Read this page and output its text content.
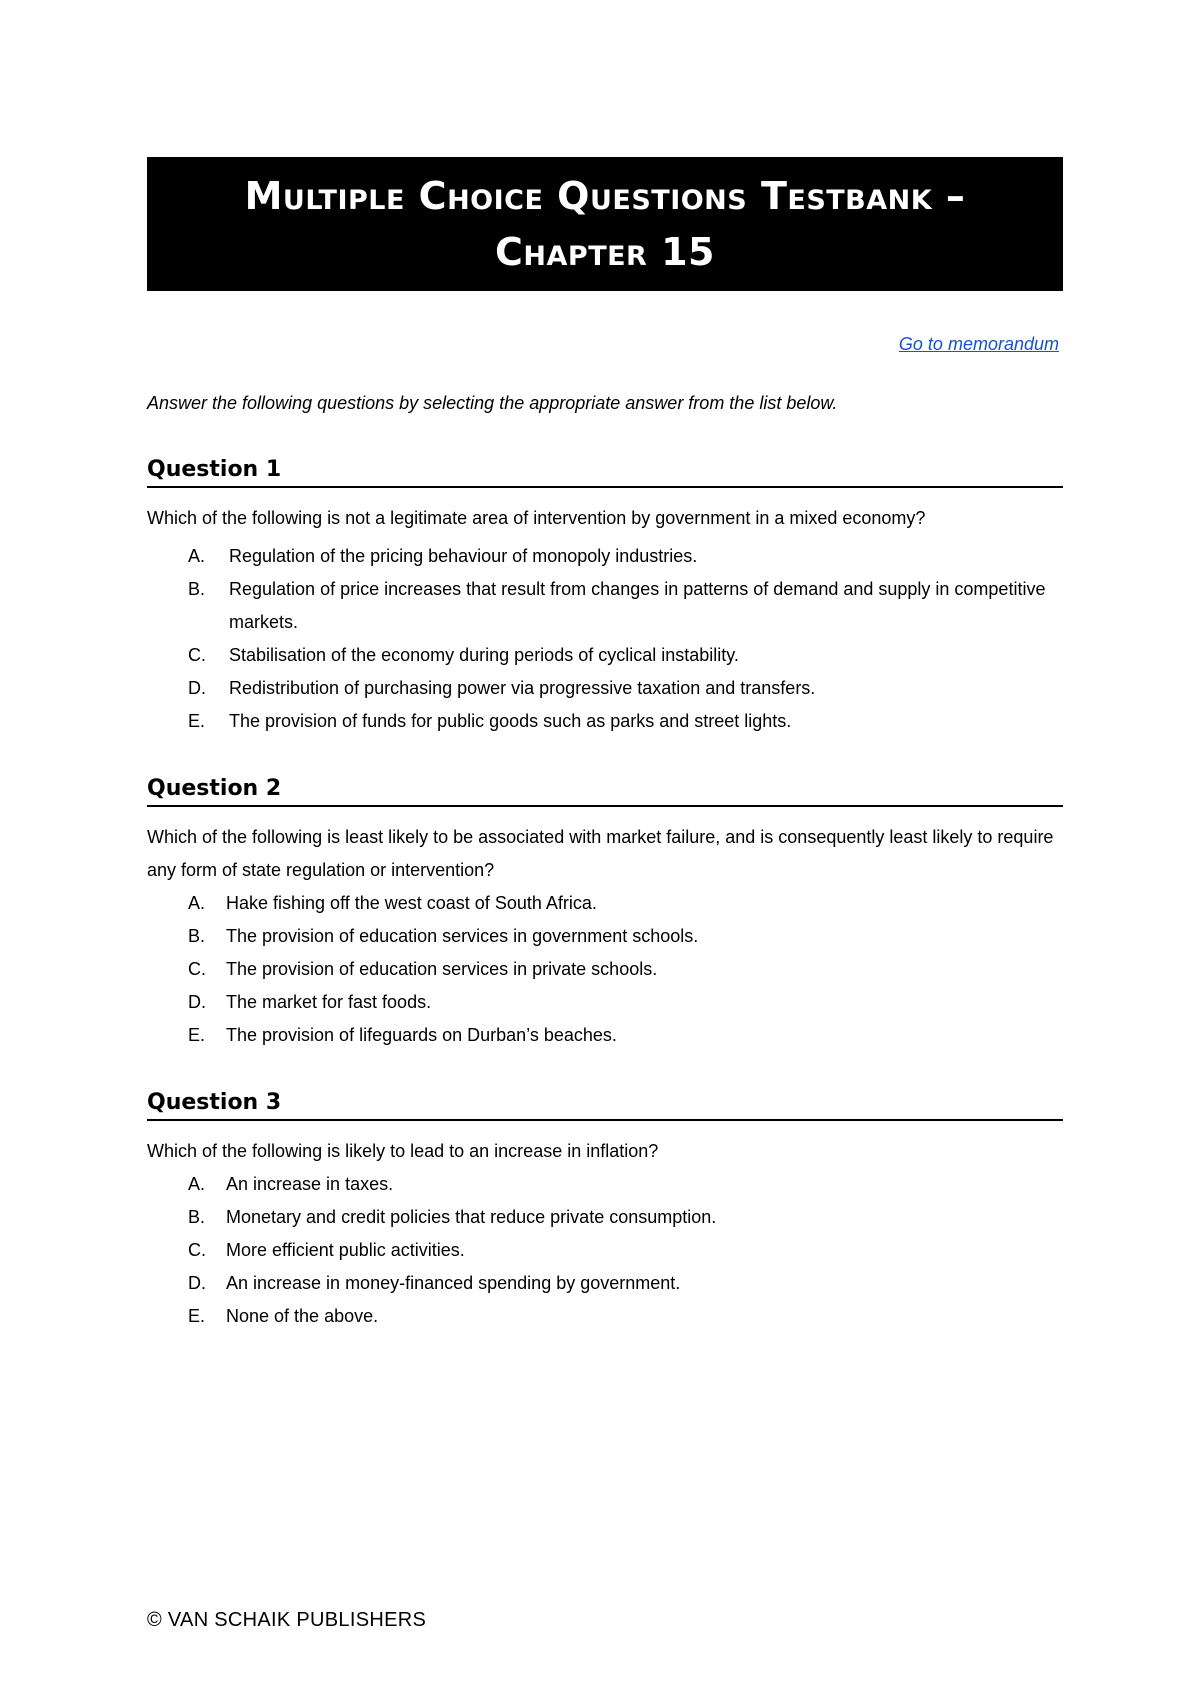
Multiple Choice Questions Testbank –
Chapter 15
Go to memorandum
Answer the following questions by selecting the appropriate answer from the list below.
Question 1
Which of the following is not a legitimate area of intervention by government in a mixed economy?
A.	Regulation of the pricing behaviour of monopoly industries.
B.	Regulation of price increases that result from changes in patterns of demand and supply in competitive markets.
C.	Stabilisation of the economy during periods of cyclical instability.
D.	Redistribution of purchasing power via progressive taxation and transfers.
E.	The provision of funds for public goods such as parks and street lights.
Question 2
Which of the following is least likely to be associated with market failure, and is consequently least likely to require any form of state regulation or intervention?
A.	Hake fishing off the west coast of South Africa.
B.	The provision of education services in government schools.
C.	The provision of education services in private schools.
D.	The market for fast foods.
E.	The provision of lifeguards on Durban’s beaches.
Question 3
Which of the following is likely to lead to an increase in inflation?
A.	An increase in taxes.
B.	Monetary and credit policies that reduce private consumption.
C.	More efficient public activities.
D.	An increase in money-financed spending by government.
E.	None of the above.
© VAN SCHAIK PUBLISHERS
